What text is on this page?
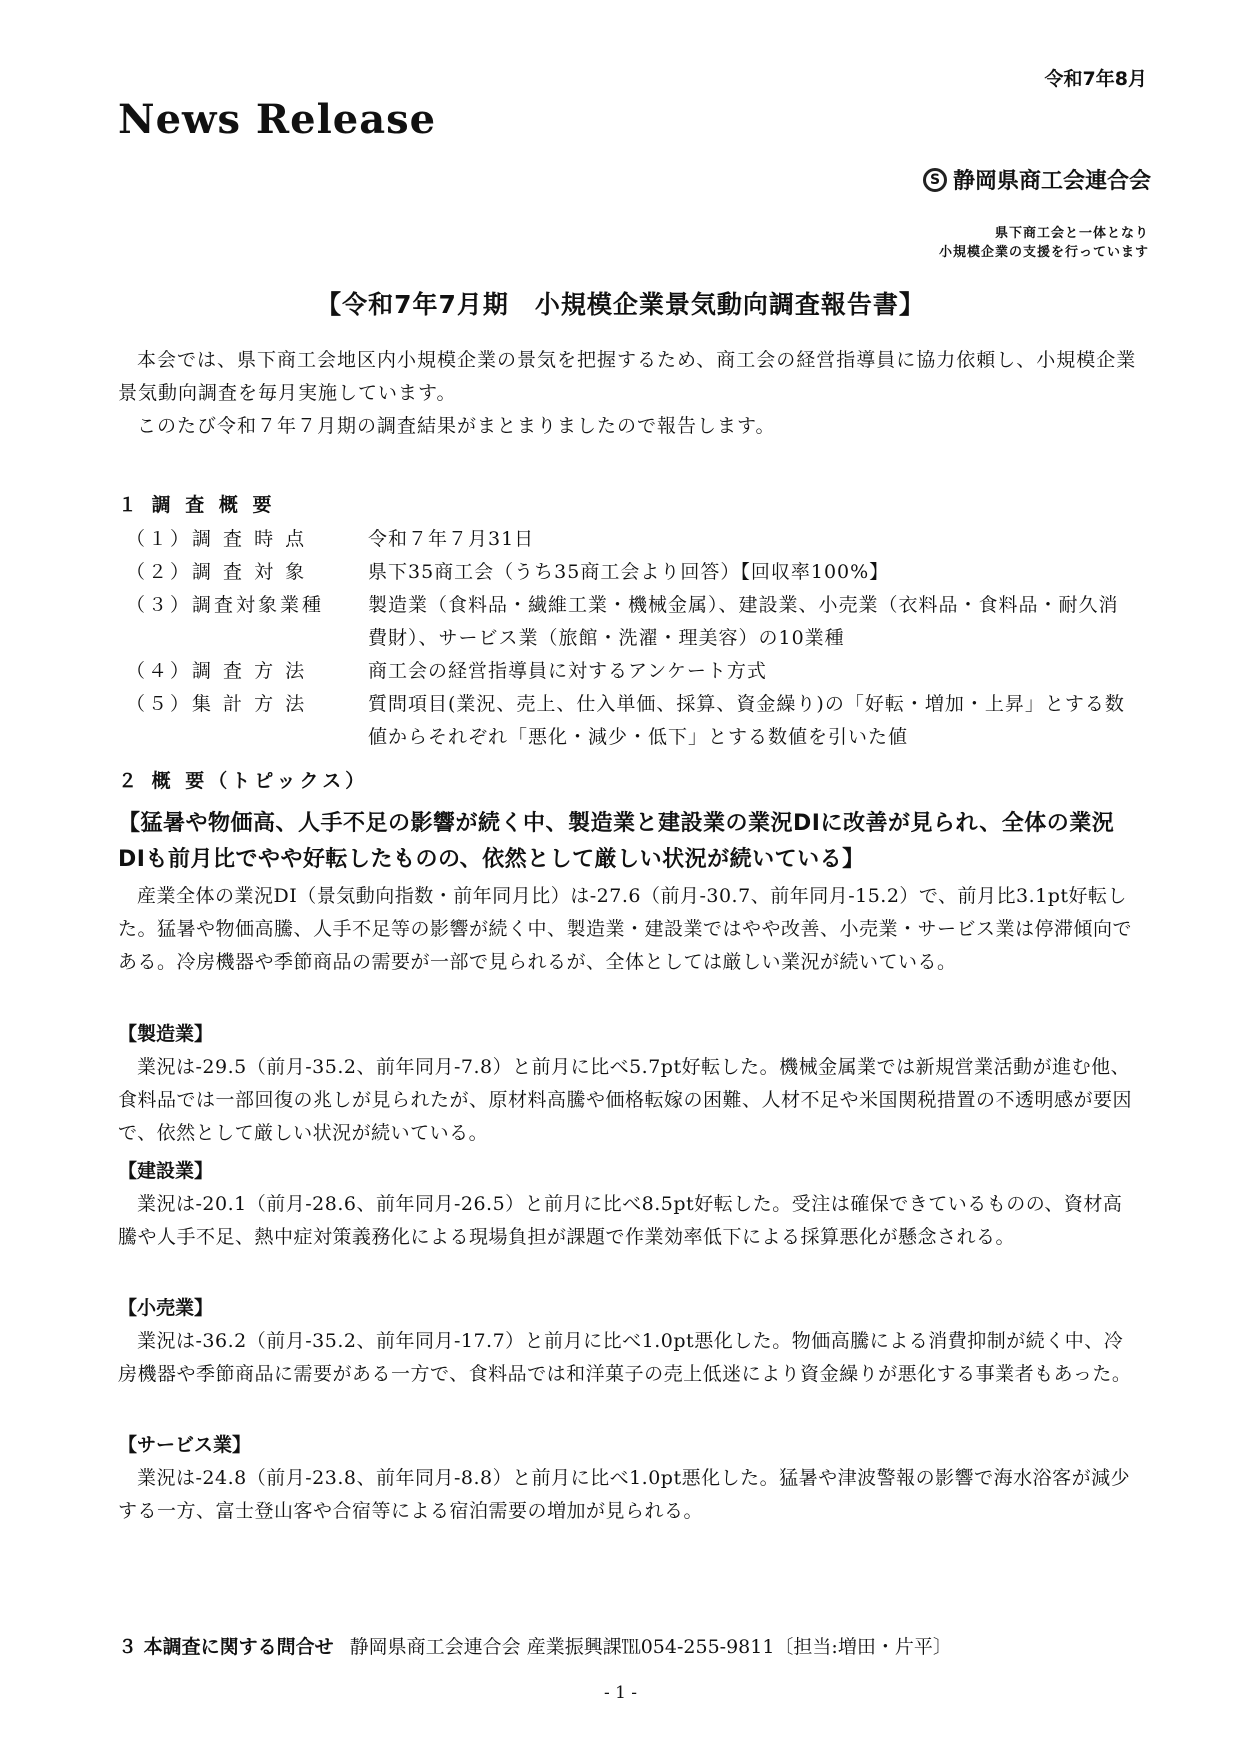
令和7年8月
News Release
S 静岡県商工会連合会
県下商工会と一体となり
小規模企業の支援を行っています
【令和7年7月期　小規模企業景気動向調査報告書】

本会では、県下商工会地区内小規模企業の景気を把握するため、商工会の経営指導員に協力依頼し、小規模企業景気動向調査を毎月実施しています。

このたび令和７年７月期の調査結果がまとまりましたので報告します。

１ 調 査 概 要
（１）調 査 時 点	令和７年７月31日
（２）調 査 対 象	県下35商工会（うち35商工会より回答）【回収率100%】
（３）調査対象業種	製造業（食料品・繊維工業・機械金属）、建設業、小売業（衣料品・食料品・耐久消費財）、サービス業（旅館・洗濯・理美容）の10業種
（４）調 査 方 法	商工会の経営指導員に対するアンケート方式
（５）集 計 方 法	質問項目(業況、売上、仕入単価、採算、資金繰り)の「好転・増加・上昇」とする数値からそれぞれ「悪化・減少・低下」とする数値を引いた値
２ 概 要（トピックス）
【猛暑や物価高、人手不足の影響が続く中、製造業と建設業の業況DIに改善が見られ、全体の業況DIも前月比でやや好転したものの、依然として厳しい状況が続いている】

産業全体の業況DI（景気動向指数・前年同月比）は-27.6（前月-30.7、前年同月-15.2）で、前月比3.1pt好転した。猛暑や物価高騰、人手不足等の影響が続く中、製造業・建設業ではやや改善、小売業・サービス業は停滞傾向である。冷房機器や季節商品の需要が一部で見られるが、全体としては厳しい業況が続いている。

【製造業】

業況は-29.5（前月-35.2、前年同月-7.8）と前月に比べ5.7pt好転した。機械金属業では新規営業活動が進む他、食料品では一部回復の兆しが見られたが、原材料高騰や価格転嫁の困難、人材不足や米国関税措置の不透明感が要因で、依然として厳しい状況が続いている。

【建設業】

業況は-20.1（前月-28.6、前年同月-26.5）と前月に比べ8.5pt好転した。受注は確保できているものの、資材高騰や人手不足、熱中症対策義務化による現場負担が課題で作業効率低下による採算悪化が懸念される。

【小売業】

業況は-36.2（前月-35.2、前年同月-17.7）と前月に比べ1.0pt悪化した。物価高騰による消費抑制が続く中、冷房機器や季節商品に需要がある一方で、食料品では和洋菓子の売上低迷により資金繰りが悪化する事業者もあった。

【サービス業】

業況は-24.8（前月-23.8、前年同月-8.8）と前月に比べ1.0pt悪化した。猛暑や津波警報の影響で海水浴客が減少する一方、富士登山客や合宿等による宿泊需要の増加が見られる。

３ 本調査に関する問合せ 静岡県商工会連合会 産業振興課℡054-255-9811〔担当:増田・片平〕
- 1 -
